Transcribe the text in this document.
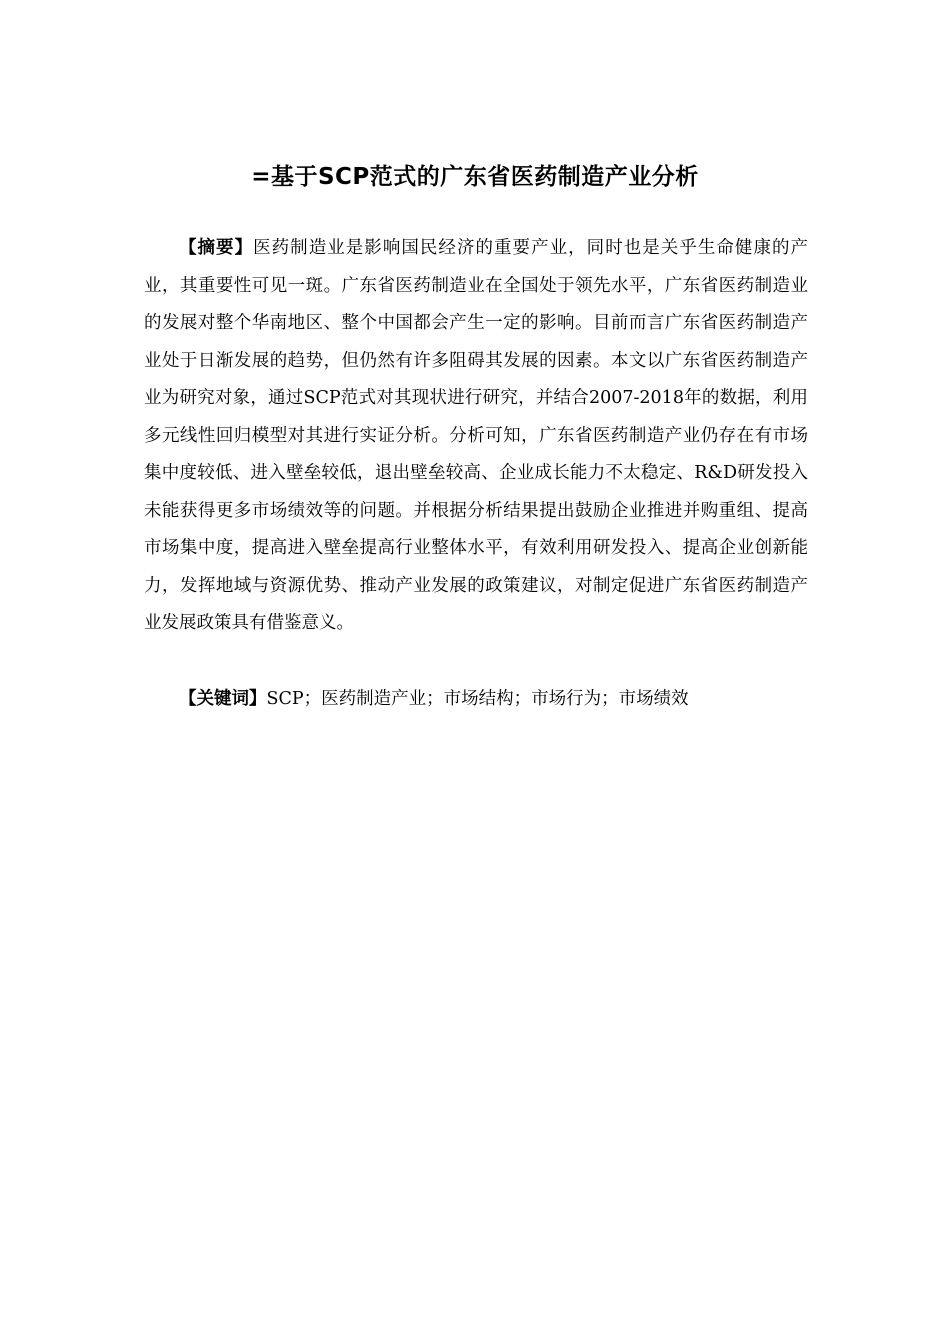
=基于SCP范式的广东省医药制造产业分析

【摘要】医药制造业是影响国民经济的重要产业，同时也是关乎生命健康的产业，其重要性可见一斑。广东省医药制造业在全国处于领先水平，广东省医药制造业的发展对整个华南地区、整个中国都会产生一定的影响。目前而言广东省医药制造产业处于日渐发展的趋势，但仍然有许多阻碍其发展的因素。本文以广东省医药制造产业为研究对象，通过SCP范式对其现状进行研究，并结合2007-2018年的数据，利用多元线性回归模型对其进行实证分析。分析可知，广东省医药制造产业仍存在有市场集中度较低、进入壁垒较低，退出壁垒较高、企业成长能力不太稳定、R&D研发投入未能获得更多市场绩效等的问题。并根据分析结果提出鼓励企业推进并购重组、提高市场集中度，提高进入壁垒提高行业整体水平，有效利用研发投入、提高企业创新能力，发挥地域与资源优势、推动产业发展的政策建议，对制定促进广东省医药制造产业发展政策具有借鉴意义。

【关键词】SCP；医药制造产业；市场结构；市场行为；市场绩效
